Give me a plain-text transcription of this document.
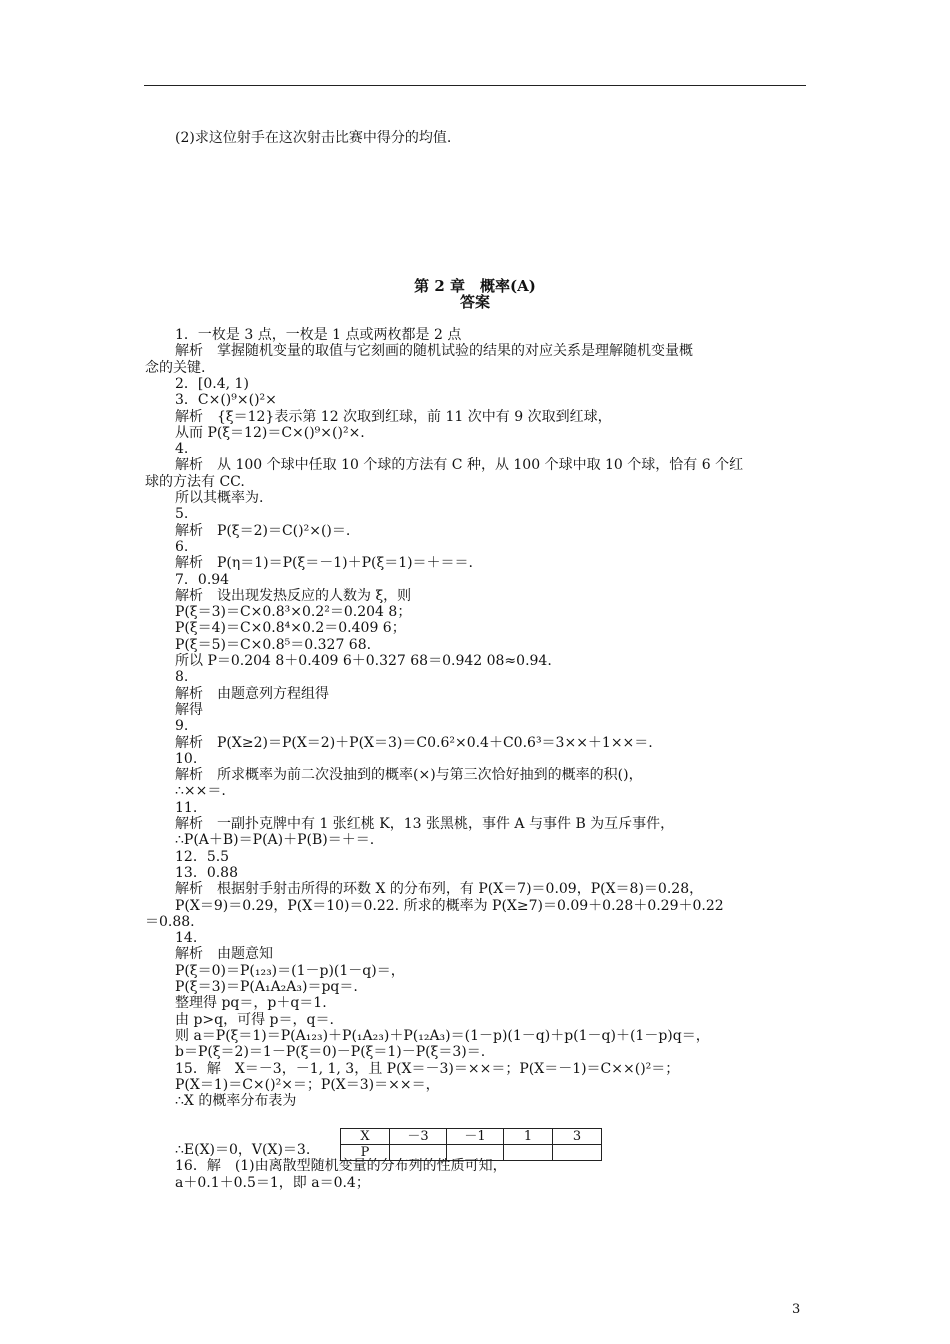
(2)求这位射手在这次射击比赛中得分的均值.
第 2 章　概率(A)
答案
1．一枚是 3 点，一枚是 1 点或两枚都是 2 点
解析　掌握随机变量的取值与它刻画的随机试验的结果的对应关系是理解随机变量概
念的关键.
2．[0.4, 1)
3．C×()⁹×()²×
解析　{ξ＝12}表示第 12 次取到红球，前 11 次中有 9 次取到红球，
从而 P(ξ＝12)＝C×()⁹×()²×.
4.
解析　从 100 个球中任取 10 个球的方法有 C 种，从 100 个球中取 10 个球，恰有 6 个红
球的方法有 CC.
所以其概率为.
5.
解析　P(ξ＝2)＝C()²×()＝.
6.
解析　P(η＝1)＝P(ξ＝－1)＋P(ξ＝1)＝＋＝＝.
7．0.94
解析　设出现发热反应的人数为 ξ，则
P(ξ＝3)＝C×0.8³×0.2²＝0.204 8；
P(ξ＝4)＝C×0.8⁴×0.2＝0.409 6；
P(ξ＝5)＝C×0.8⁵＝0.327 68.
所以 P＝0.204 8＋0.409 6＋0.327 68＝0.942 08≈0.94.
8.
解析　由题意列方程组得
解得
9.
解析　P(X≥2)＝P(X＝2)＋P(X＝3)＝C0.6²×0.4＋C0.6³＝3××＋1××＝.
10.
解析　所求概率为前二次没抽到的概率(×)与第三次恰好抽到的概率的积()，
∴××＝.
11.
解析　一副扑克牌中有 1 张红桃 K，13 张黑桃，事件 A 与事件 B 为互斥事件，
∴P(A＋B)＝P(A)＋P(B)＝＋＝.
12．5.5
13．0.88
解析　根据射手射击所得的环数 X 的分布列，有 P(X＝7)＝0.09，P(X＝8)＝0.28，
P(X＝9)＝0.29，P(X＝10)＝0.22. 所求的概率为 P(X≥7)＝0.09＋0.28＋0.29＋0.22
＝0.88.
14.
解析　由题意知
P(ξ＝0)＝P(₁₂₃)＝(1－p)(1－q)＝，
P(ξ＝3)＝P(A₁A₂A₃)＝pq＝.
整理得 pq＝，p＋q＝1.
由 p>q，可得 p＝，q＝.
则 a＝P(ξ＝1)＝P(A₁₂₃)＋P(₁A₂₃)＋P(₁₂A₃)＝(1－p)(1－q)＋p(1－q)＋(1－p)q＝，
b＝P(ξ＝2)＝1－P(ξ＝0)－P(ξ＝1)－P(ξ＝3)＝.
15．解　X＝－3，－1, 1, 3，且 P(X＝－3)＝××＝；P(X＝－1)＝C××()²＝；
P(X＝1)＝C×()²×＝；P(X＝3)＝××＝，
∴X 的概率分布表为
∴E(X)＝0，V(X)＝3.
16．解　(1)由离散型随机变量的分布列的性质可知，
a＋0.1＋0.5＝1，即 a＝0.4；
X	－3	－1	1	3
P				
3
